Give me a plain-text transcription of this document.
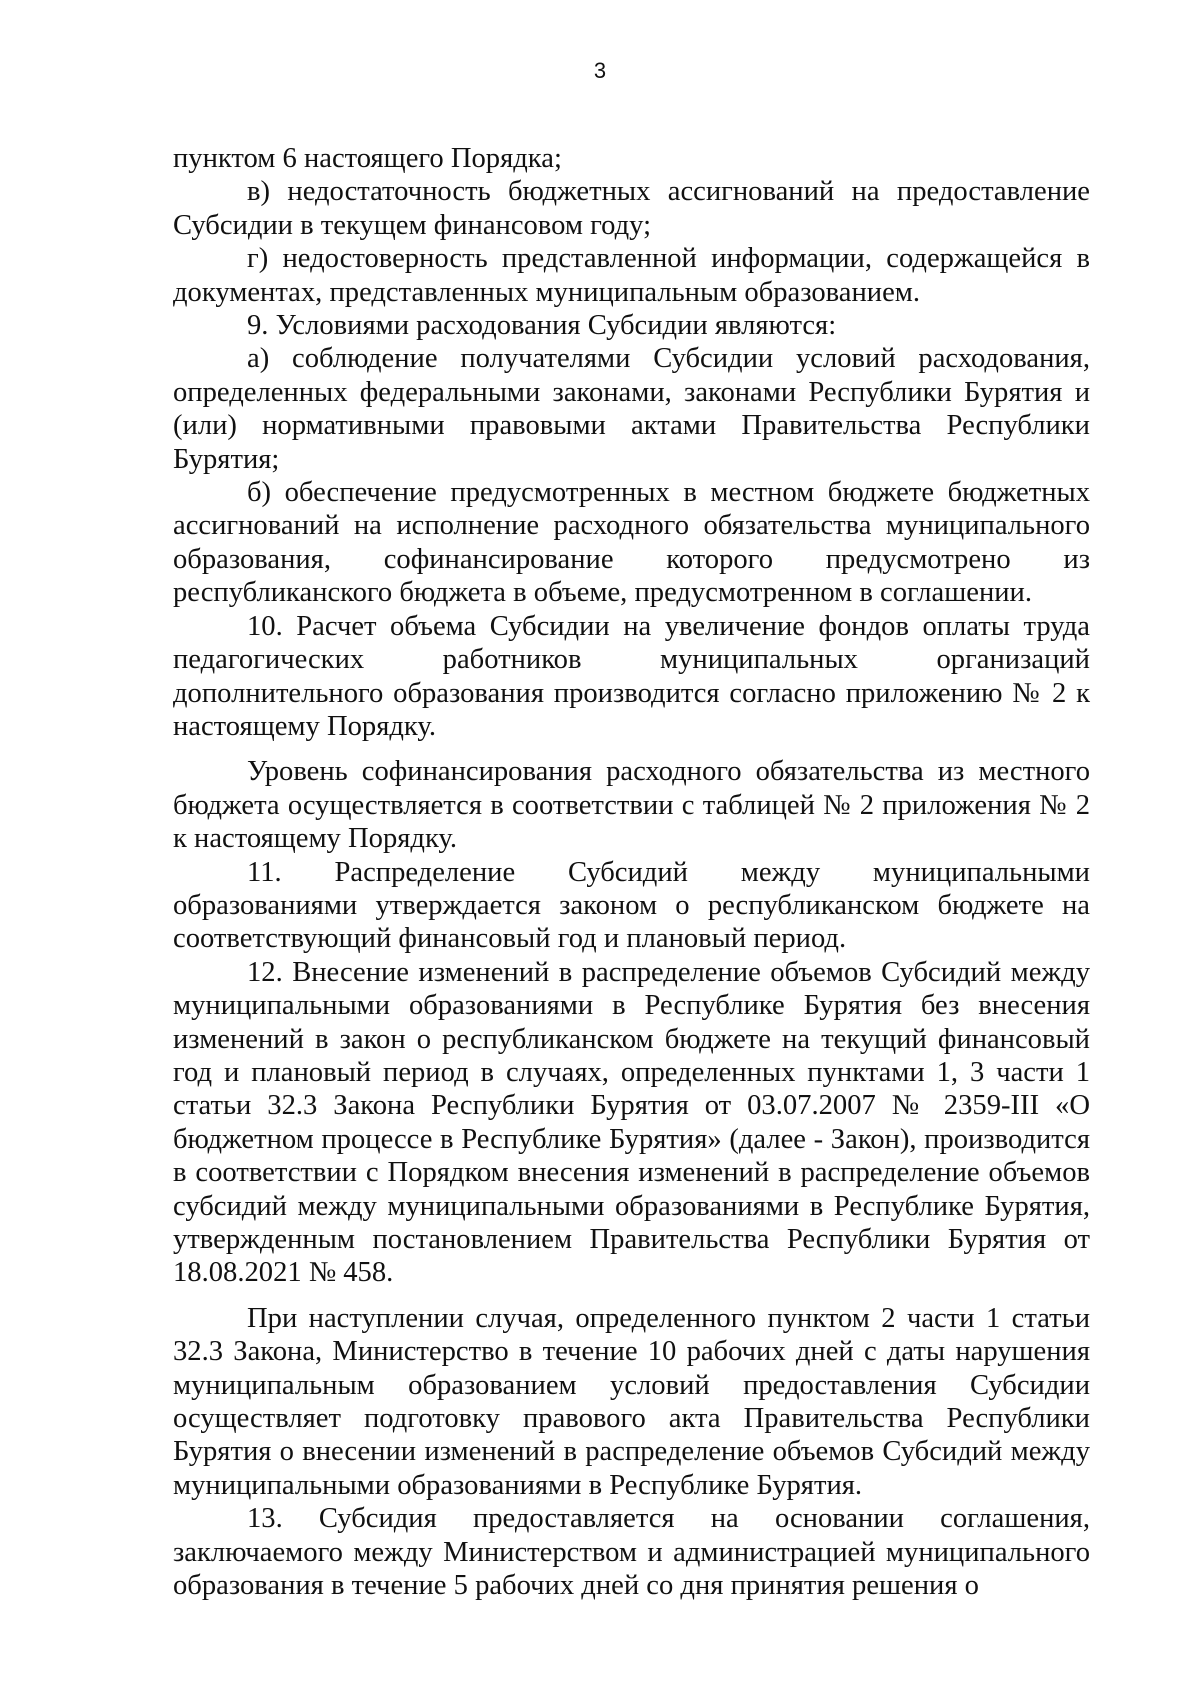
3

пунктом 6 настоящего Порядка;

в) недостаточность бюджетных ассигнований на предоставление Субсидии в текущем финансовом году;

г) недостоверность представленной информации, содержащейся в документах, представленных муниципальным образованием.

9. Условиями расходования Субсидии являются:

а) соблюдение получателями Субсидии условий расходования, определенных федеральными законами, законами Республики Бурятия и (или) нормативными правовыми актами Правительства Республики Бурятия;

б) обеспечение предусмотренных в местном бюджете бюджетных ассигнований на исполнение расходного обязательства муниципального образования, софинансирование которого предусмотрено из республиканского бюджета в объеме, предусмотренном в соглашении.

10. Расчет объема Субсидии на увеличение фондов оплаты труда педагогических работников муниципальных организаций дополнительного образования производится согласно приложению № 2 к настоящему Порядку.

Уровень софинансирования расходного обязательства из местного бюджета осуществляется в соответствии с таблицей № 2 приложения № 2 к настоящему Порядку.

11. Распределение Субсидий между муниципальными образованиями утверждается законом о республиканском бюджете на соответствующий финансовый год и плановый период.

12. Внесение изменений в распределение объемов Субсидий между муниципальными образованиями в Республике Бурятия без внесения изменений в закон о республиканском бюджете на текущий финансовый год и плановый период в случаях, определенных пунктами 1, 3 части 1 статьи 32.3 Закона Республики Бурятия от 03.07.2007 № 2359-III «О бюджетном процессе в Республике Бурятия» (далее - Закон), производится в соответствии с Порядком внесения изменений в распределение объемов субсидий между муниципальными образованиями в Республике Бурятия, утвержденным постановлением Правительства Республики Бурятия от 18.08.2021 № 458.

При наступлении случая, определенного пунктом 2 части 1 статьи 32.3 Закона, Министерство в течение 10 рабочих дней с даты нарушения муниципальным образованием условий предоставления Субсидии осуществляет подготовку правового акта Правительства Республики Бурятия о внесении изменений в распределение объемов Субсидий между муниципальными образованиями в Республике Бурятия.

13. Субсидия предоставляется на основании соглашения, заключаемого между Министерством и администрацией муниципального образования в течение 5 рабочих дней со дня принятия решения о
